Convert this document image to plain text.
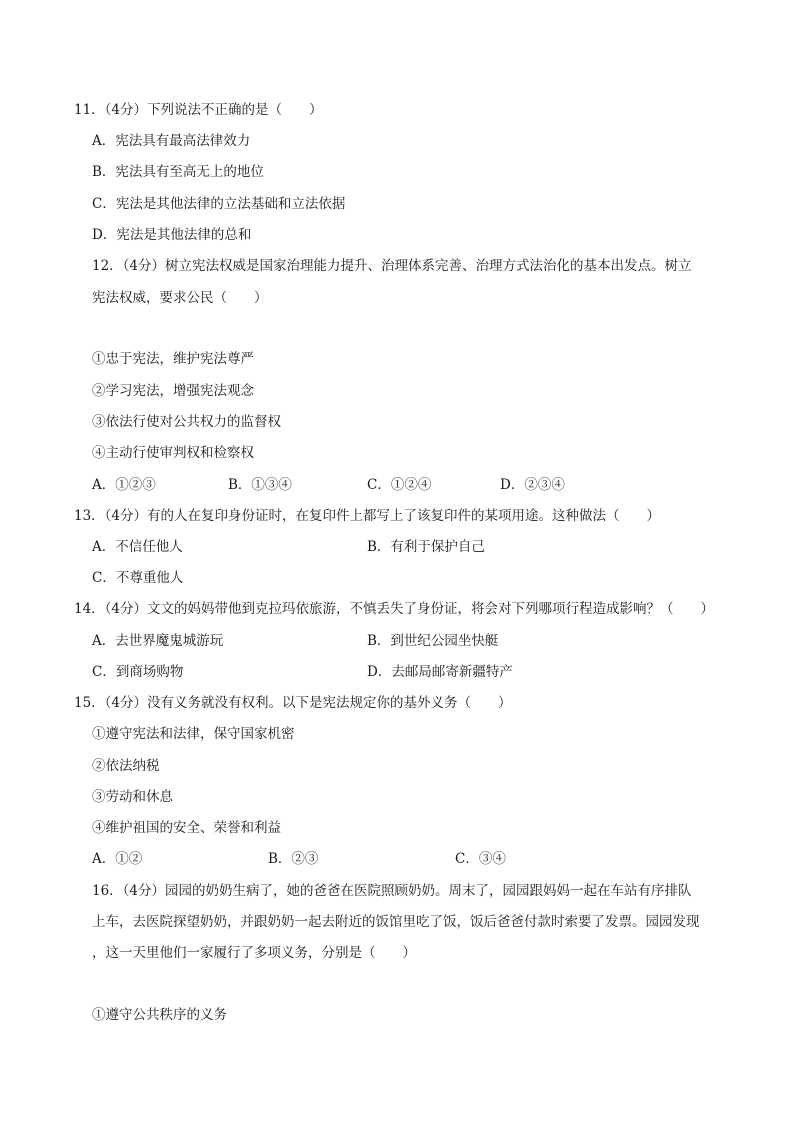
11．（4分）下列说法不正确的是（　　）
A．宪法具有最高法律效力
B．宪法具有至高无上的地位
C．宪法是其他法律的立法基础和立法依据
D．宪法是其他法律的总和
12．（4分）树立宪法权威是国家治理能力提升、治理体系完善、治理方式法治化的基本出发点。树立
宪法权威，要求公民（　　）
①忠于宪法，维护宪法尊严
②学习宪法，增强宪法观念
③依法行使对公共权力的监督权
④主动行使审判权和检察权
A．①②③	B．①③④	C．①②④	D．②③④
13．（4分）有的人在复印身份证时，在复印件上都写上了该复印件的某项用途。这种做法（　　）
A．不信任他人	B．有利于保护自己
C．不尊重他人
14．（4分）文文的妈妈带他到克拉玛依旅游，不慎丢失了身份证，将会对下列哪项行程造成影响？（　　）
A．去世界魔鬼城游玩	B．到世纪公园坐快艇
C．到商场购物	D．去邮局邮寄新疆特产
15．（4分）没有义务就没有权利。以下是宪法规定你的基外义务（　　）
①遵守宪法和法律，保守国家机密
②依法纳税
③劳动和休息
④维护祖国的安全、荣誉和利益
A．①②	B．②③	C．③④
16．（4分）园园的奶奶生病了，她的爸爸在医院照顾奶奶。周末了，园园跟妈妈一起在车站有序排队
上车，去医院探望奶奶，并跟奶奶一起去附近的饭馆里吃了饭，饭后爸爸付款时索要了发票。园园发现
，这一天里他们一家履行了多项义务，分别是（　　）
①遵守公共秩序的义务
